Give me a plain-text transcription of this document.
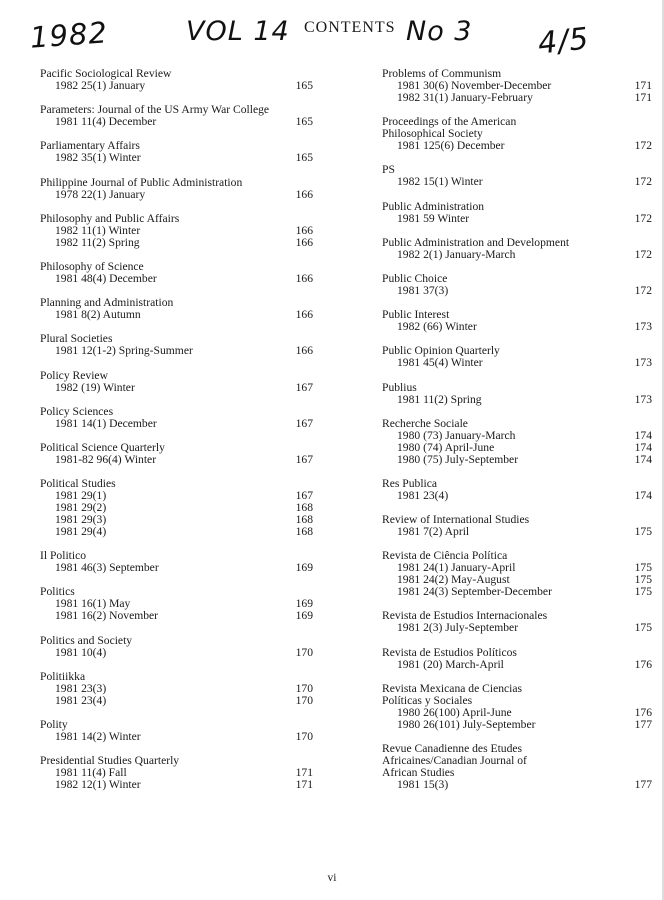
1982	VOL 14 CONTENTS No 3 4/5
Pacific Sociological Review
1982 25(1) January	165
Parameters: Journal of the US Army War College
1981 11(4) December	165
Parliamentary Affairs
1982 35(1) Winter	165
Philippine Journal of Public Administration
1978 22(1) January	166
Philosophy and Public Affairs
1982 11(1) Winter	166
1982 11(2) Spring	166
Philosophy of Science
1981 48(4) December	166
Planning and Administration
1981 8(2) Autumn	166
Plural Societies
1981 12(1-2) Spring-Summer	166
Policy Review
1982 (19) Winter	167
Policy Sciences
1981 14(1) December	167
Political Science Quarterly
1981-82 96(4) Winter	167
Political Studies
1981 29(1)	167
1981 29(2)	168
1981 29(3)	168
1981 29(4)	168
Il Politico
1981 46(3) September	169
Politics
1981 16(1) May	169
1981 16(2) November	169
Politics and Society
1981 10(4)	170
Politiikka
1981 23(3)	170
1981 23(4)	170
Polity
1981 14(2) Winter	170
Presidential Studies Quarterly
1981 11(4) Fall	171
1982 12(1) Winter	171
Problems of Communism
1981 30(6) November-December	171
1982 31(1) January-February	171
Proceedings of the American
Philosophical Society
1981 125(6) December	172
PS
1982 15(1) Winter	172
Public Administration
1981 59 Winter	172
Public Administration and Development
1982 2(1) January-March	172
Public Choice
1981 37(3)	172
Public Interest
1982 (66) Winter	173
Public Opinion Quarterly
1981 45(4) Winter	173
Publius
1981 11(2) Spring	173
Recherche Sociale
1980 (73) January-March	174
1980 (74) April-June	174
1980 (75) July-September	174
Res Publica
1981 23(4)	174
Review of International Studies
1981 7(2) April	175
Revista de Ciência Política
1981 24(1) January-April	175
1981 24(2) May-August	175
1981 24(3) September-December	175
Revista de Estudios Internacionales
1981 2(3) July-September	175
Revista de Estudios Políticos
1981 (20) March-April	176
Revista Mexicana de Ciencias
Políticas y Sociales
1980 26(100) April-June	176
1980 26(101) July-September	177
Revue Canadienne des Etudes
Africaines/Canadian Journal of
African Studies
1981 15(3)	177
vi
